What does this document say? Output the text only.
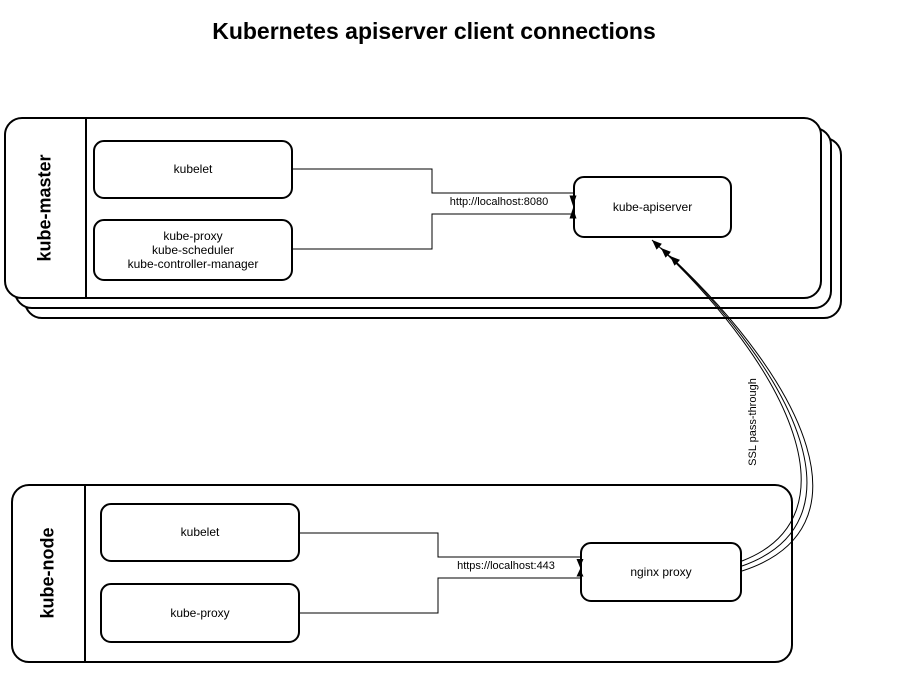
Kubernetes apiserver client connections
kube-master	kubelet
kube-proxy
kube-scheduler
kube-controller-manager
kube-apiserver
kube-node	kubelet
kube-proxy
nginx proxy
http://localhost:8080
https://localhost:443
SSL pass-through
